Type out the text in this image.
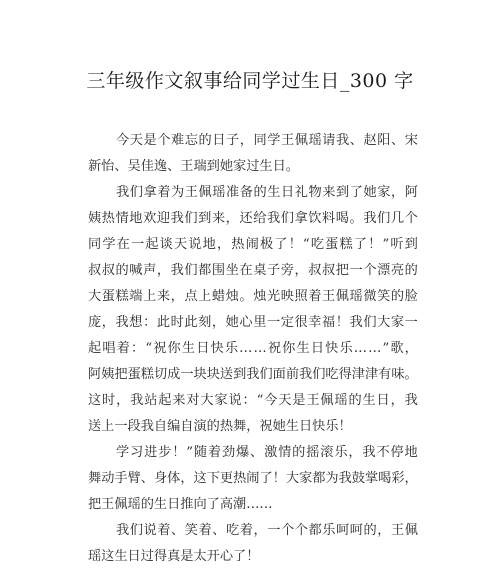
三年级作文叙事给同学过生日_300 字
今 天 是 个 难 忘 的 日 子 ， 同 学 王 佩 瑶 请 我 、 赵 阳 、 宋
新怡、吴佳逸、王瑞到她家过生日。
我 们 拿 着 为 王 佩 瑶 准 备 的 生 日 礼 物 来 到 了 她 家 ， 阿
姨 热 情 地 欢 迎 我 们 到 来 ， 还 给 我 们 拿 饮 料 喝 。 我 们 几 个
同 学 在 一 起 谈 天 说 地 ， 热 闹 极 了 ！ “ 吃 蛋 糕 了 ！ ” 听 到
叔 叔 的 喊 声 ， 我 们 都 围 坐 在 桌 子 旁 ， 叔 叔 把 一 个 漂 亮 的
大 蛋 糕 端 上 来 ， 点 上 蜡 烛 。 烛 光 映 照 着 王 佩 瑶 微 笑 的 脸
庞 ， 我 想 ： 此 时 此 刻 ， 她 心 里 一 定 很 幸 福 ！ 我 们 大 家 一
起 唱 着 ： “ 祝 你 生 日 快 乐 … … 祝 你 生 日 快 乐 … … ” 歌 ，
阿 姨 把 蛋 糕 切 成 一 块 块 送 到 我 们 面 前 我 们 吃 得 津 津 有 味 。
这 时 ， 我 站 起 来 对 大 家 说 ： “ 今 天 是 王 佩 瑶 的 生 日 ， 我
送上一段我自编自演的热舞，祝她生日快乐！
学 习 进 步 ！ ” 随 着 劲 爆 、 激 情 的 摇 滚 乐 ， 我 不 停 地
舞 动 手 臂 、 身 体 ， 这 下 更 热 闹 了 ！ 大 家 都 为 我 鼓 掌 喝 彩 ，
把王佩瑶的生日推向了高潮……
我 们 说 着 、 笑 着 、 吃 着 ， 一 个 个 都 乐 呵 呵 的 ， 王 佩
瑶这生日过得真是太开心了！
